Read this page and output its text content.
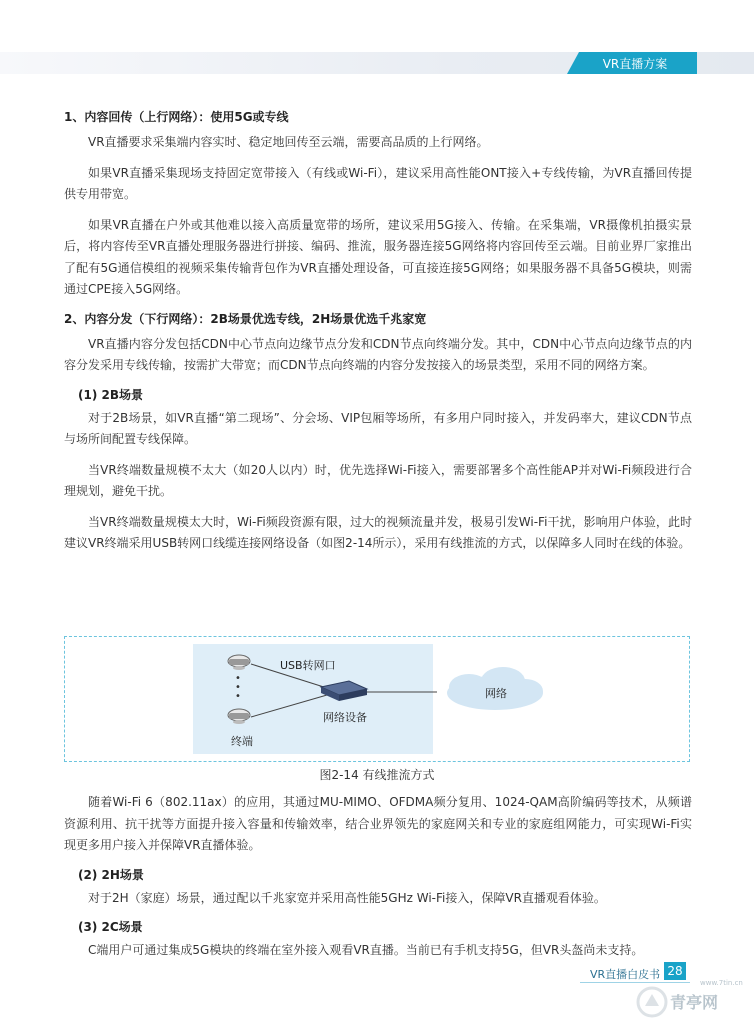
VR直播方案
1、内容回传（上行网络）：使用5G或专线

VR直播要求采集端内容实时、稳定地回传至云端，需要高品质的上行网络。

如果VR直播采集现场支持固定宽带接入（有线或Wi-Fi），建议采用高性能ONT接入+专线传输，为VR直播回传提供专用带宽。

如果VR直播在户外或其他难以接入高质量宽带的场所，建议采用5G接入、传输。在采集端，VR摄像机拍摄实景后，将内容传至VR直播处理服务器进行拼接、编码、推流，服务器连接5G网络将内容回传至云端。目前业界厂家推出了配有5G通信模组的视频采集传输背包作为VR直播处理设备，可直接连接5G网络；如果服务器不具备5G模块，则需通过CPE接入5G网络。

2、内容分发（下行网络）：2B场景优选专线，2H场景优选千兆家宽

VR直播内容分发包括CDN中心节点向边缘节点分发和CDN节点向终端分发。其中，CDN中心节点向边缘节点的内容分发采用专线传输，按需扩大带宽；而CDN节点向终端的内容分发按接入的场景类型，采用不同的网络方案。

(1) 2B场景

对于2B场景，如VR直播“第二现场”、分会场、VIP包厢等场所，有多用户同时接入，并发码率大，建议CDN节点与场所间配置专线保障。

当VR终端数量规模不太大（如20人以内）时，优先选择Wi-Fi接入，需要部署多个高性能AP并对Wi-Fi频段进行合理规划，避免干扰。

当VR终端数量规模太大时，Wi-Fi频段资源有限，过大的视频流量并发，极易引发Wi-Fi干扰，影响用户体验，此时建议VR终端采用USB转网口线缆连接网络设备（如图2-14所示），采用有线推流的方式，以保障多人同时在线的体验。

•
•
•
USB转网口
网络设备
终端
网络
图2-14 有线推流方式

随着Wi-Fi 6（802.11ax）的应用，其通过MU-MIMO、OFDMA频分复用、1024-QAM高阶编码等技术，从频谱资源利用、抗干扰等方面提升接入容量和传输效率，结合业界领先的家庭网关和专业的家庭组网能力，可实现Wi-Fi实现更多用户接入并保障VR直播体验。

(2) 2H场景

对于2H（家庭）场景，通过配以千兆家宽并采用高性能5GHz Wi-Fi接入，保障VR直播观看体验。

(3) 2C场景

C端用户可通过集成5G模块的终端在室外接入观看VR直播。当前已有手机支持5G，但VR头盔尚未支持。

VR直播白皮书 28
青亭网
www.7tin.cn
